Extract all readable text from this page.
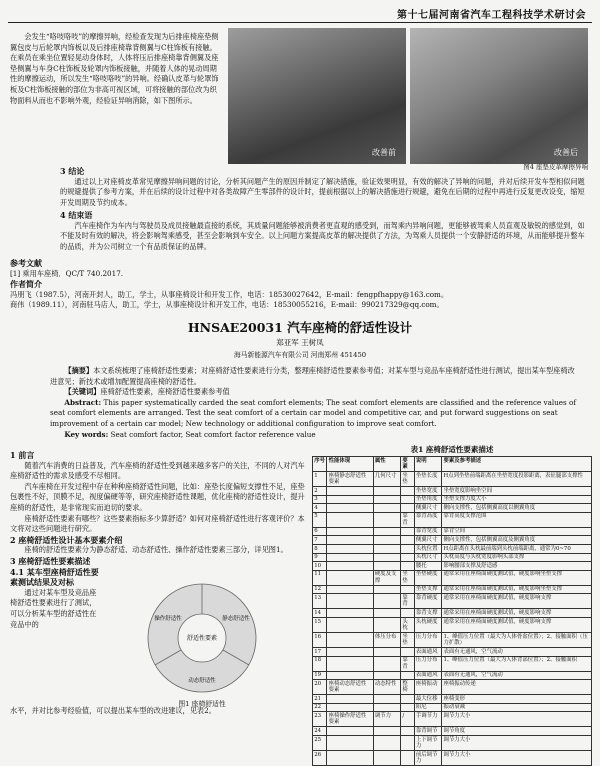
第十七届河南省汽车工程科技学术研讨会

会发生“咯吱咯吱”的摩擦异响，经检查发现为后排座椅座垫侧翼包皮与后轮罩内饰板以及后排座椅靠背侧翼与C柱饰板有接触。在乘员在乘坐位置轻晃动身体时，人体将压后排座椅靠背侧翼及座垫侧翼与车身C柱饰板及轮罩内饰板接触，并随着人体的晃动周期性的摩擦运动，所以发生“咯吱咯吱”的异响。经确认皮革与轮罩饰板及C柱饰板接触的部位为非高可视区域，可将接触的部位改为织物面料从而也不影响外观，经验证异响消除，如下图所示。

改善前	改善后
图4 座垫皮革摩擦异响
3 结论

通过以上对座椅皮革常见摩擦异响问题的讨论，分析其问题产生的原因并制定了解决措施，验证效果明显，有效的解决了异响的问题，并对后续开发车型相似问题的规避提供了参考方案，并在后续的设计过程中对各类故障产生零部件的设计时，提前根据以上的解决措施进行规避，避免在后期的过程中再进行反复更改设变，缩短开发周期及节约成本。

4 结束语

汽车座椅作为车内与驾驶员及成员接触最直接的系统，其质量问题能够被消费者更直观的感受到，而驾乘内异响问题，更能够被驾乘人员直观及敏锐的感觉到，如不能及时有效的解决，将会影响驾乘感受，甚至会影响到车安全。以上问题方案提高皮革的解决提供了方法，为驾乘人员提供一个安静舒适的环境，从而能够提升整车的品质，并为公司树立一个有品质保证的品牌。

参考文献
[1] 乘用车座椅．QC/T 740.2017.
作者简介
冯朋飞（1987.5），河南开封人，助工，学士，从事座椅设计和开发工作，电话：18530027642，E-mail：fengpfhappy@163.com。
商伟（1989.11），河南驻马店人，助工，学士，从事座椅设计和开发工作，电话：18530055216，E-mail：990217329@qq.com。
HNSAE20031 汽车座椅的舒适性设计
郑亚军 王树凤
海马新能源汽车有限公司 河南郑州 451450

【摘要】本文系统梳理了座椅舒适性要素；对座椅舒适性要素进行分类，整理座椅舒适性要素参考值；对某车型与竞品车座椅舒适性进行测试，提出某车型座椅改进意见；新技术或增加配置提高座椅的舒适性。

【关键词】座椅舒适性要素，座椅舒适性要素参考值

Abstract: This paper systematically carded the seat comfort elements; The seat comfort elements are classified and the reference values of seat comfort elements are arranged. Test the seat comfort of a certain car model and competitive car, and put forward suggestions on seat improvement of a certain car model; New technology or additional configuration to improve seat comfort.

Key words: Seat comfort factor, Seat comfort factor reference value

1 前言

随着汽车消费的日益普及，汽车座椅的舒适性受到越来越多客户的关注，不同的人对汽车座椅舒适性的需求及感受不尽相同。

汽车座椅在开发过程中存在种种座椅舒适性问题，比如：座垫长度偏短支撑性不足，座垫包裹性不好，顶膜不足，视度偏硬等等，研究座椅舒适性课题，优化座椅的舒适性设计，提升座椅的舒适性，是非常现实而迫切的要求。

座椅舒适性要素有哪些？这些要素指标多少算舒适？如何对座椅舒适性进行客观评价？本文将对这些问题进行研究。

2 座椅舒适性设计基本要素介绍

座椅的舒适性要素分为静态舒适、动态舒适性、操作舒适性要素三部分，详见图1。

3 座椅舒适性要素描述
4.1 某车型座椅舒适性要素测试结果及对标

通过对某车型及竞品座椅舒适性要素进行了测试，可以分析某车型的舒适性在竞品中的

舒适性要素
静态舒适性
动态舒适性
操作舒适性
图1 座椅舒适性

水平，并对比参考经验值，可以提出某车型的改进建议，见表2。

表1 座椅舒适性要素描述
序号	性能体现	属性	要素	说明	要素及参考描述
1	座椅静态舒适性要素	几何尺寸	坐垫	坐垫长度	H点到坐垫前端距离在坐垫宽度投影距离，表征腿部支撑性
2				坐垫宽度	坐垫宽度影响坐空间
3				坐垫角度	坐垫支撑力度大小
4				侧翼尺寸	侧向支撑性，包括侧翼高度以侧翼角度
5			靠背	靠背高度	靠背高度支撑范围
6				靠背宽度	靠背空间
7				侧翼尺寸	侧向支撑性，包括侧翼高度及侧翼角度
8				头枕位置	H点距离在头枕最前端到头枕前端距离，通常为0~70
9				头枕尺寸	头枕高度与头枕宽度影响头部支撑
10				腰托	影响腰部支撑及舒适感
11		硬度及支撑	坐垫	坐垫硬度	通常采用在座椅面硬度测试值，硬度影响坐垫支撑
12				坐垫支撑	通常采用在座椅面硬度测试值，硬度影响坐垫支撑
13			靠背	靠背硬度	通常采用在座椅面硬度测试值，硬度影响支撑
14				靠背支撑	通常采用在座椅面硬度测试值，硬度影响支撑
15			头枕	头枕硬度	通常采用在座椅面硬度测试值，硬度影响支撑
16		体压分布	坐垫	压力分布	1、峰值压力位置（最大为人体骨盆位置）；2、接触面积（压力扩散）
17				表面通风	表面有无通风，空气流动
18			靠背	压力分布	1、峰值压力位置（最大为人体背部位置）；2、接触面积
19				表面通风	表面有无通风，空气流动
20	座椅动态舒适性要素	动态特性	整椅	座椅振动	座椅振动传递
21				最大位移	座椅变形
22				阻尼	振动衰减
23	座椅操作舒适性要素	调节力	/	手调节力	调节力大小
24				靠背调节	调节角度
25				上下调节力	调节力大小
26				前后调节力	调节力大小
